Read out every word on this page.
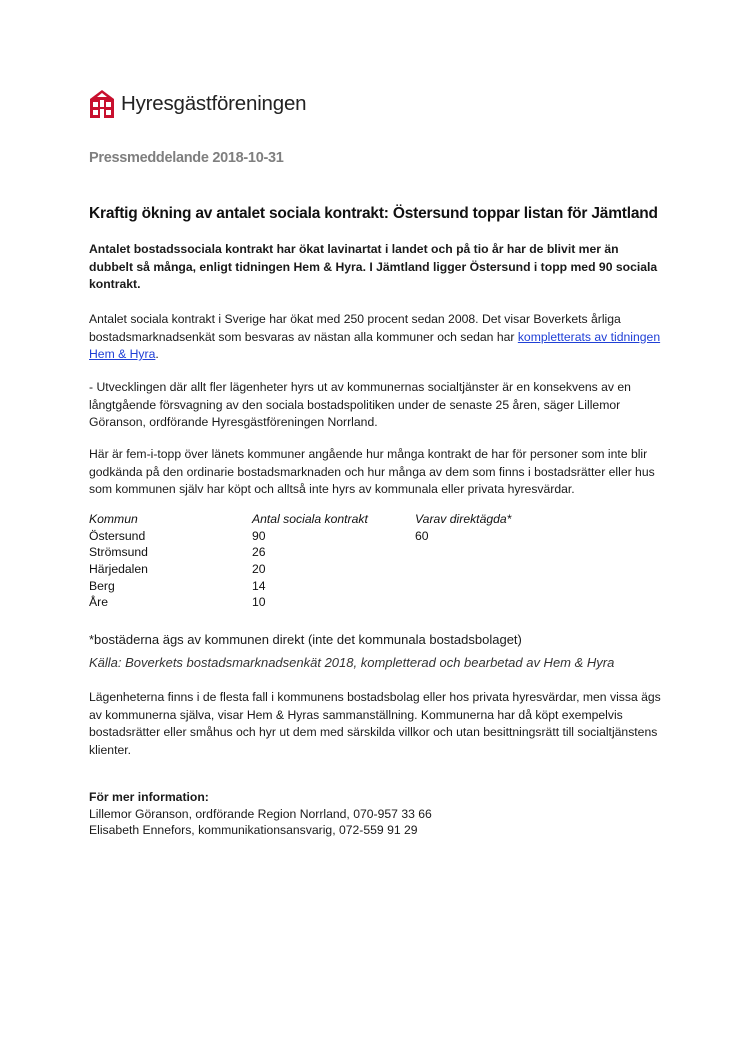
Hyresgästföreningen
Pressmeddelande 2018-10-31
Kraftig ökning av antalet sociala kontrakt: Östersund toppar listan för Jämtland
Antalet bostadssociala kontrakt har ökat lavinartat i landet och på tio år har de blivit mer än dubbelt så många, enligt tidningen Hem & Hyra. I Jämtland ligger Östersund i topp med 90 sociala kontrakt.
Antalet sociala kontrakt i Sverige har ökat med 250 procent sedan 2008. Det visar Boverkets årliga bostadsmarknadsenkät som besvaras av nästan alla kommuner och sedan har kompletterats av tidningen Hem & Hyra.
- Utvecklingen där allt fler lägenheter hyrs ut av kommunernas socialtjänster är en konsekvens av en långtgående försvagning av den sociala bostadspolitiken under de senaste 25 åren, säger Lillemor Göranson, ordförande Hyresgästföreningen Norrland.
Här är fem-i-topp över länets kommuner angående hur många kontrakt de har för personer som inte blir godkända på den ordinarie bostadsmarknaden och hur många av dem som finns i bostadsrätter eller hus som kommunen själv har köpt och alltså inte hyrs av kommunala eller privata hyresvärdar.
Kommun	Antal sociala kontrakt	Varav direktägda*
Östersund	90	60
Strömsund	26
Härjedalen	20
Berg	14
Åre	10
*bostäderna ägs av kommunen direkt (inte det kommunala bostadsbolaget)
Källa: Boverkets bostadsmarknadsenkät 2018, kompletterad och bearbetad av Hem & Hyra
Lägenheterna finns i de flesta fall i kommunens bostadsbolag eller hos privata hyresvärdar, men vissa ägs av kommunerna själva, visar Hem & Hyras sammanställning. Kommunerna har då köpt exempelvis bostadsrätter eller småhus och hyr ut dem med särskilda villkor och utan besittningsrätt till socialtjänstens klienter.
För mer information:
Lillemor Göranson, ordförande Region Norrland, 070-957 33 66
Elisabeth Ennefors, kommunikationsansvarig, 072-559 91 29
